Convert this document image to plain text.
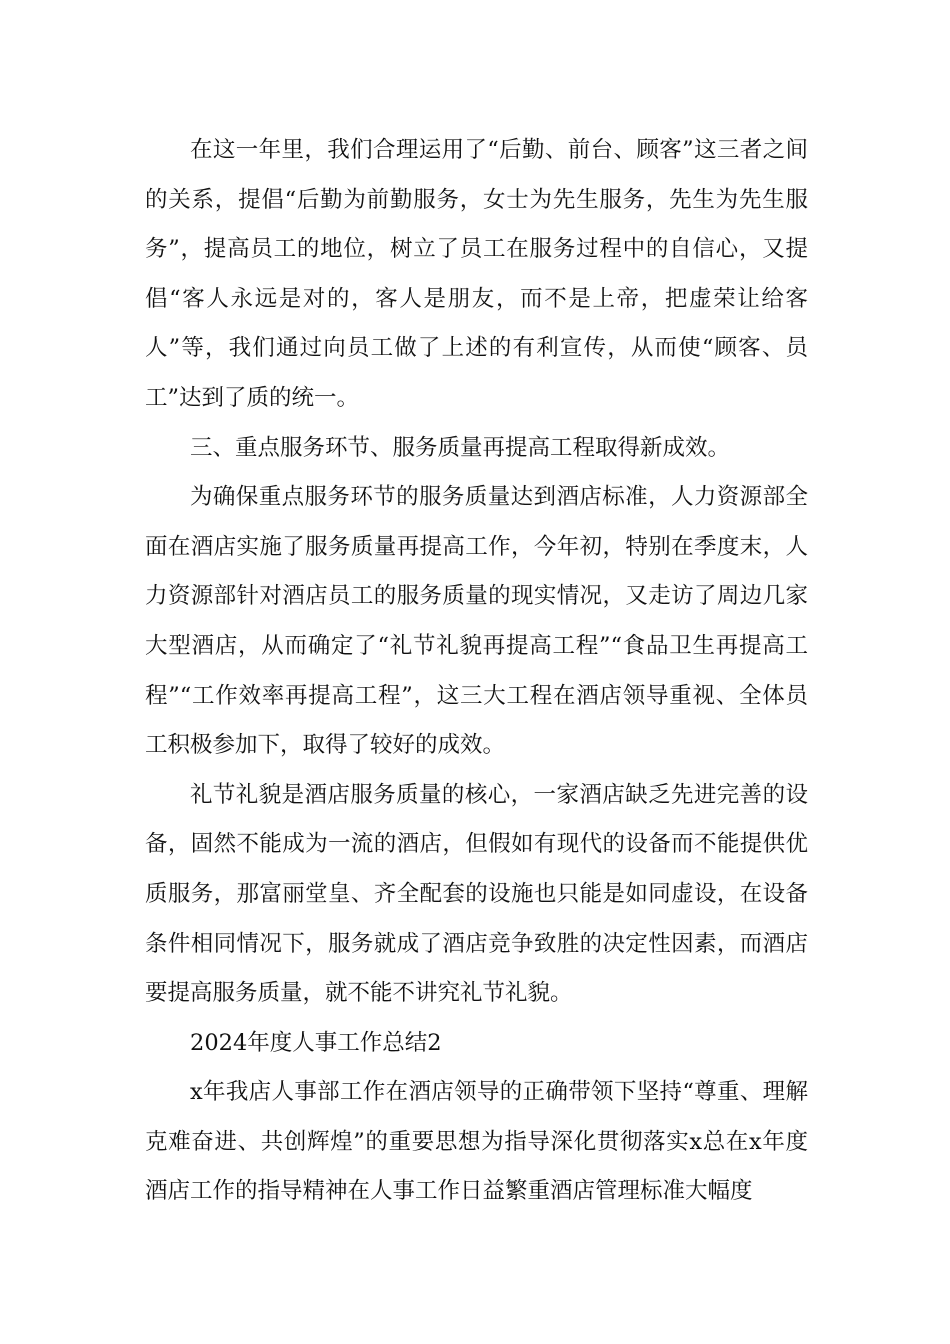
在这一年里，我们合理运用了“后勤、前台、顾客”这三者之间的关系，提倡“后勤为前勤服务，女士为先生服务，先生为先生服务”，提高员工的地位，树立了员工在服务过程中的自信心，又提倡“客人永远是对的，客人是朋友，而不是上帝，把虚荣让给客人”等，我们通过向员工做了上述的有利宣传，从而使“顾客、员工”达到了质的统一。

三、重点服务环节、服务质量再提高工程取得新成效。

为确保重点服务环节的服务质量达到酒店标准，人力资源部全面在酒店实施了服务质量再提高工作，今年初，特别在季度末，人力资源部针对酒店员工的服务质量的现实情况，又走访了周边几家大型酒店，从而确定了“礼节礼貌再提高工程”“食品卫生再提高工程”“工作效率再提高工程”，这三大工程在酒店领导重视、全体员工积极参加下，取得了较好的成效。

礼节礼貌是酒店服务质量的核心，一家酒店缺乏先进完善的设备，固然不能成为一流的酒店，但假如有现代的设备而不能提供优质服务，那富丽堂皇、齐全配套的设施也只能是如同虚设，在设备条件相同情况下，服务就成了酒店竞争致胜的决定性因素，而酒店要提高服务质量，就不能不讲究礼节礼貌。

2024年度人事工作总结2

x年我店人事部工作在酒店领导的正确带领下坚持“尊重、理解克难奋进、共创辉煌”的重要思想为指导深化贯彻落实x总在x年度酒店工作的指导精神在人事工作日益繁重酒店管理标准大幅度
